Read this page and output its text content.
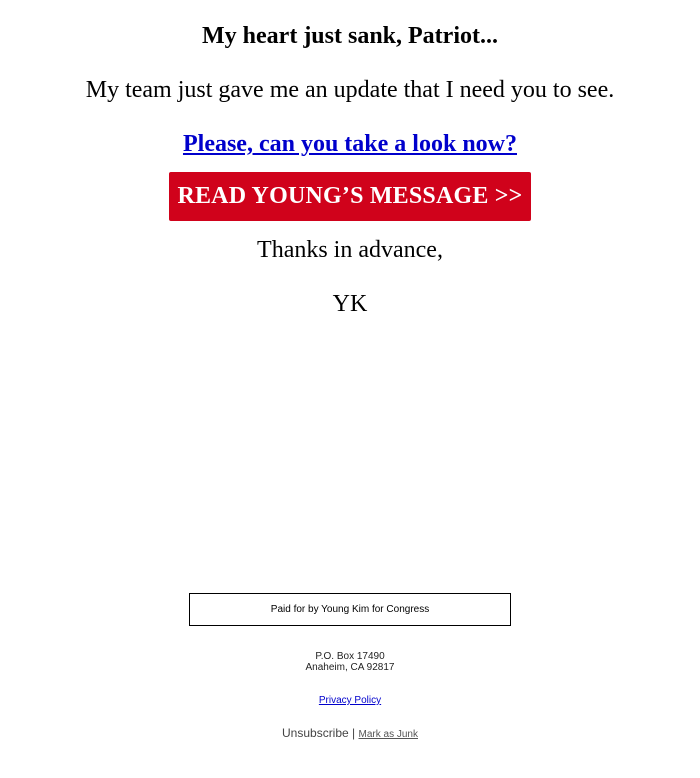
My heart just sank, Patriot...
My team just gave me an update that I need you to see.
Please, can you take a look now?
READ YOUNG’S MESSAGE >>
Thanks in advance,
YK
Paid for by Young Kim for Congress
P.O. Box 17490
Anaheim, CA 92817
Privacy Policy
Unsubscribe | Mark as Junk
